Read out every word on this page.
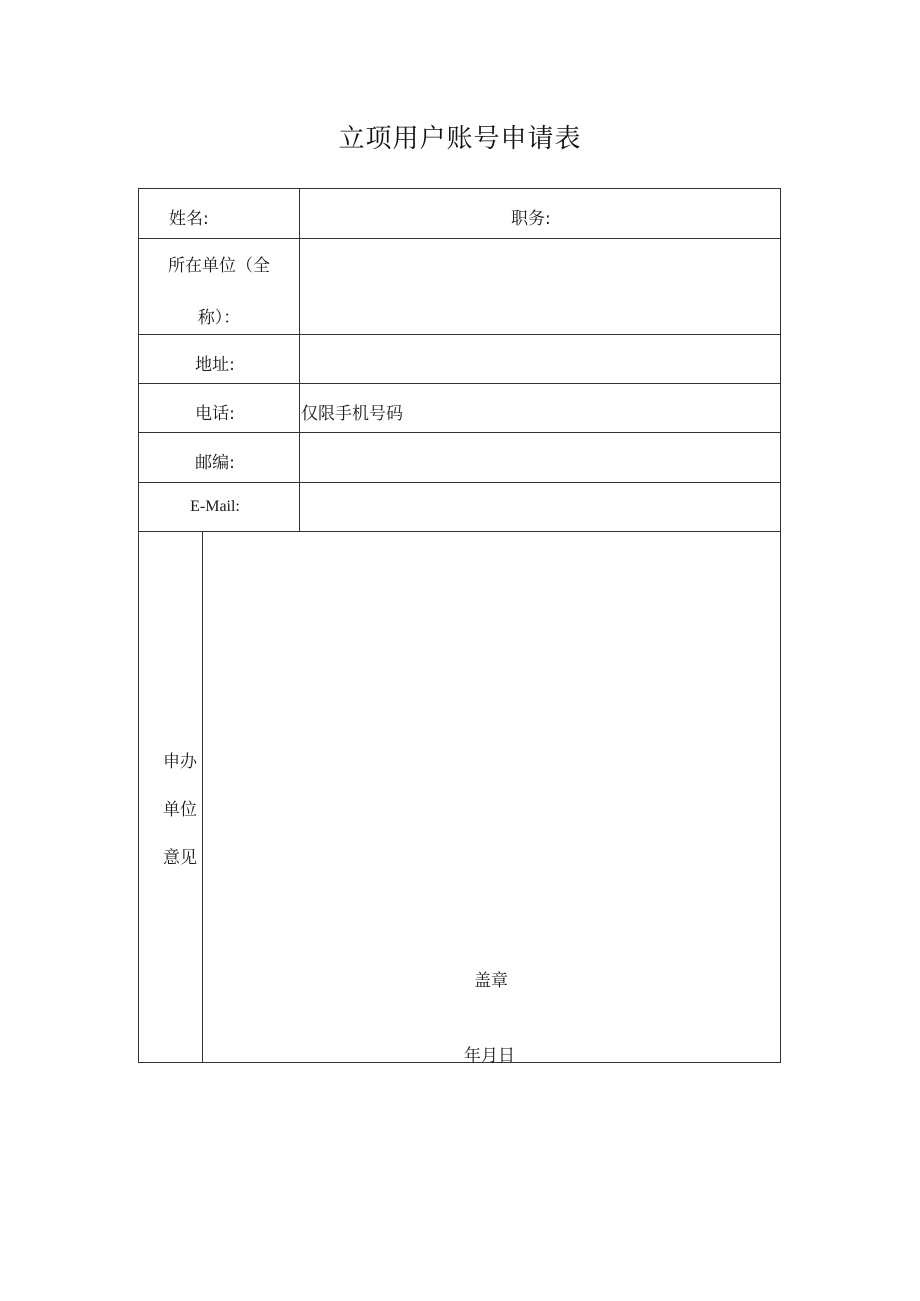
立项用户账号申请表
姓名:	职务:
所在单位（全
称）：
地址:
电话:	仅限手机号码
邮编:
E-Mail:
申办
单位
意见
盖章
年月日
